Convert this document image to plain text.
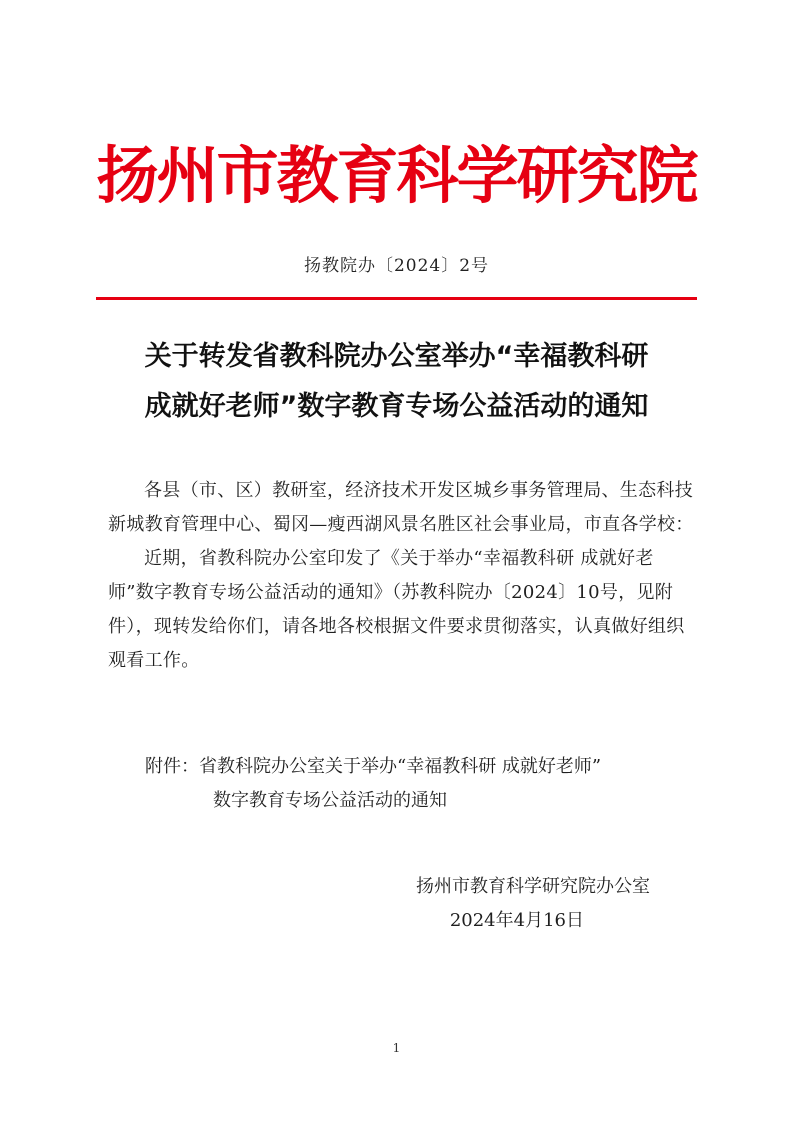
扬州市教育科学研究院
扬教院办〔2024〕2号
关于转发省教科院办公室举办“幸福教科研
成就好老师”数字教育专场公益活动的通知

各县（市、区）教研室，经济技术开发区城乡事务管理局、生态科技新城教育管理中心、蜀冈—瘦西湖风景名胜区社会事业局，市直各学校：

近期，省教科院办公室印发了《关于举办“幸福教科研 成就好老师”数字教育专场公益活动的通知》（苏教科院办〔2024〕10号，见附件），现转发给你们，请各地各校根据文件要求贯彻落实，认真做好组织观看工作。

附件：省教科院办公室关于举办“幸福教科研 成就好老师”
数字教育专场公益活动的通知
扬州市教育科学研究院办公室
2024年4月16日
1
